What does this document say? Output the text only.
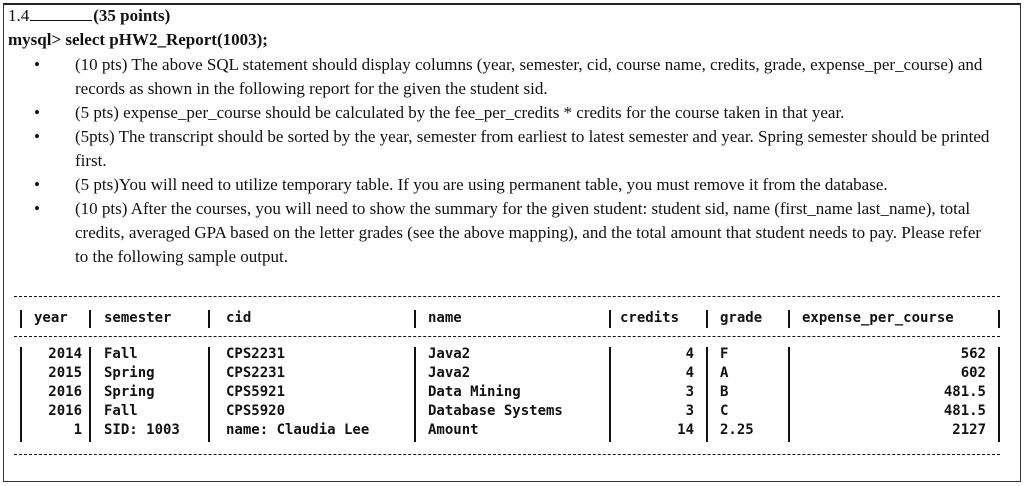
1.4	(35 points)
mysql> select pHW2_Report(1003);
• (10 pts) The above SQL statement should display columns (year, semester, cid, course name, credits, grade, expense_per_course) and records as shown in the following report for the given the student sid.
• (5 pts) expense_per_course should be calculated by the fee_per_credits * credits for the course taken in that year.
• (5pts) The transcript should be sorted by the year, semester from earliest to latest semester and year. Spring semester should be printed first.
• (5 pts)You will need to utilize temporary table. If you are using permanent table, you must remove it from the database.
• (10 pts) After the courses, you will need to show the summary for the given student: student sid, name (first_name last_name), total credits, averaged GPA based on the letter grades (see the above mapping), and the total amount that student needs to pay. Please refer to the following sample output.
year	semester	cid	name	credits	grade	expense_per_course
2014 Fall	CPS2231	Java2	4 F	562
2015 Spring	CPS2231	Java2	4 A	602
2016 Spring	CPS5921	Data Mining	3 B	481.5
2016 Fall	CPS5920	Database Systems	3 C	481.5
1 SID: 1003	name: Claudia Lee	Amount	14 2.25	2127
